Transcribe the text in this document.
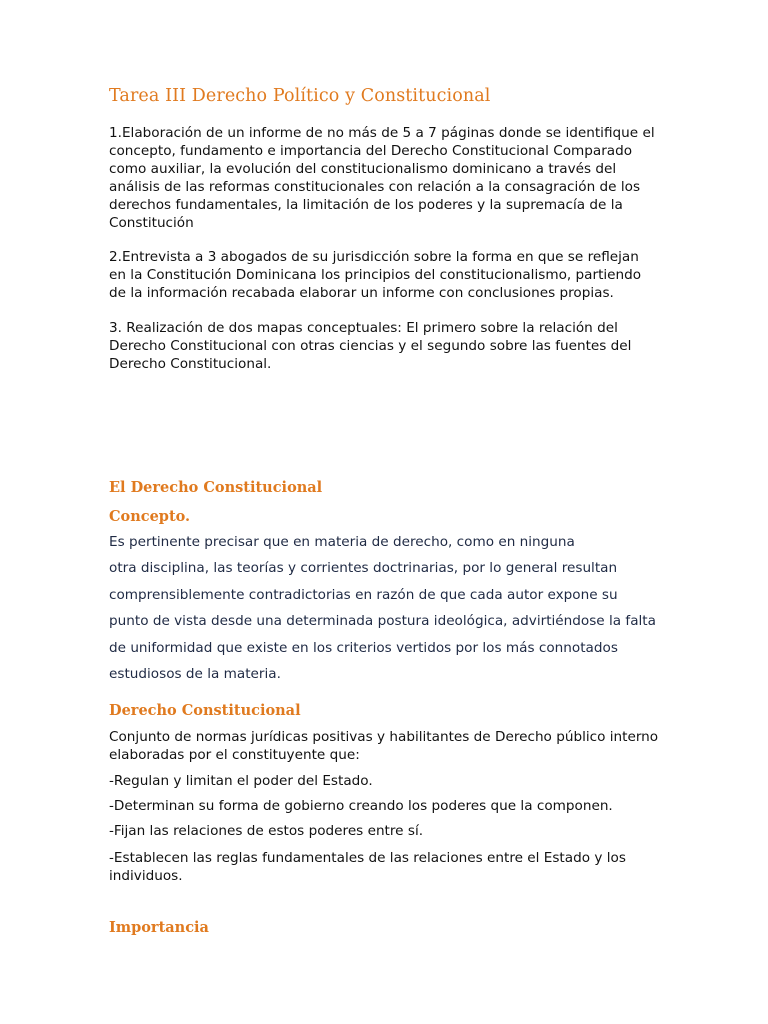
Tarea III Derecho Político y Constitucional

1.Elaboración de un informe de no más de 5 a 7 páginas donde se identifique el

concepto, fundamento e importancia del Derecho Constitucional Comparado

como auxiliar, la evolución del constitucionalismo dominicano a través del

análisis de las reformas constitucionales con relación a la consagración de los

derechos fundamentales, la limitación de los poderes y la supremacía de la

Constitución

2.Entrevista a 3 abogados de su jurisdicción sobre la forma en que se reflejan

en la Constitución Dominicana los principios del constitucionalismo, partiendo

de la información recabada elaborar un informe con conclusiones propias.

3. Realización de dos mapas conceptuales: El primero sobre la relación del

Derecho Constitucional con otras ciencias y el segundo sobre las fuentes del

Derecho Constitucional.

El Derecho Constitucional
Concepto.

Es pertinente precisar que en materia de derecho, como en ninguna

otra disciplina, las teorías y corrientes doctrinarias, por lo general resultan

comprensiblemente contradictorias en razón de que cada autor expone su

punto de vista desde una determinada postura ideológica, advirtiéndose la falta

de uniformidad que existe en los criterios vertidos por los más connotados

estudiosos de la materia.

Derecho Constitucional

Conjunto de normas jurídicas positivas y habilitantes de Derecho público interno

elaboradas por el constituyente que:

-Regulan y limitan el poder del Estado.

-Determinan su forma de gobierno creando los poderes que la componen.

-Fijan las relaciones de estos poderes entre sí.

-Establecen las reglas fundamentales de las relaciones entre el Estado y los

individuos.

Importancia
